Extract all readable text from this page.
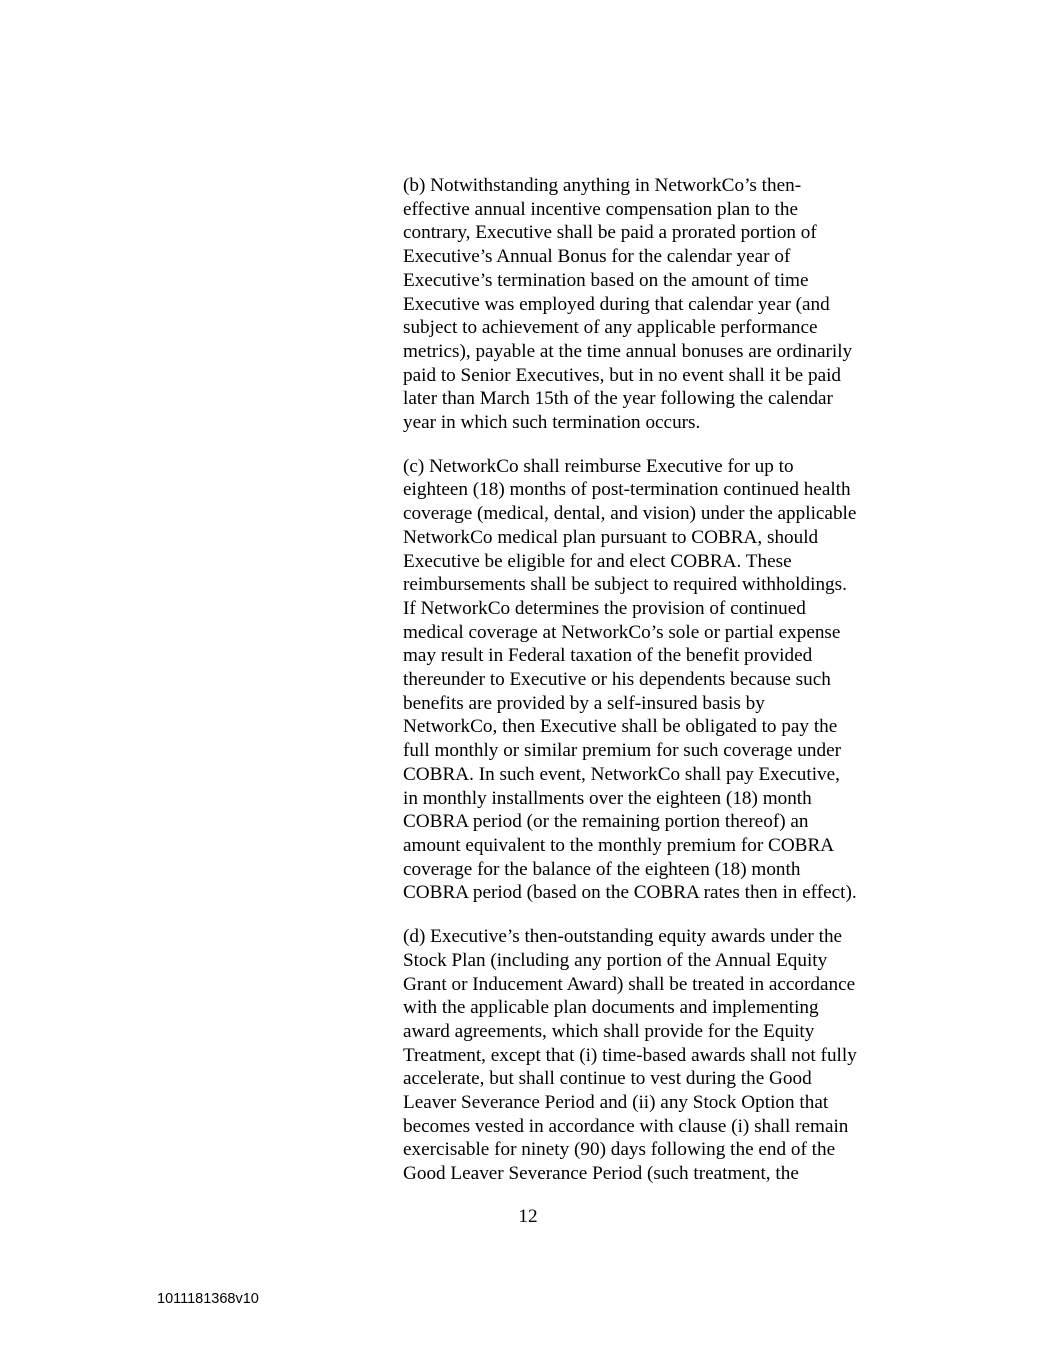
(b) Notwithstanding anything in NetworkCo’s then-
effective annual incentive compensation plan to the
contrary, Executive shall be paid a prorated portion of
Executive’s Annual Bonus for the calendar year of
Executive’s termination based on the amount of time
Executive was employed during that calendar year (and
subject to achievement of any applicable performance
metrics), payable at the time annual bonuses are ordinarily
paid to Senior Executives, but in no event shall it be paid
later than March 15th of the year following the calendar
year in which such termination occurs.

(c) NetworkCo shall reimburse Executive for up to
eighteen (18) months of post-termination continued health
coverage (medical, dental, and vision) under the applicable
NetworkCo medical plan pursuant to COBRA, should
Executive be eligible for and elect COBRA. These
reimbursements shall be subject to required withholdings.
If NetworkCo determines the provision of continued
medical coverage at NetworkCo’s sole or partial expense
may result in Federal taxation of the benefit provided
thereunder to Executive or his dependents because such
benefits are provided by a self-insured basis by
NetworkCo, then Executive shall be obligated to pay the
full monthly or similar premium for such coverage under
COBRA. In such event, NetworkCo shall pay Executive,
in monthly installments over the eighteen (18) month
COBRA period (or the remaining portion thereof) an
amount equivalent to the monthly premium for COBRA
coverage for the balance of the eighteen (18) month
COBRA period (based on the COBRA rates then in effect).

(d) Executive’s then-outstanding equity awards under the
Stock Plan (including any portion of the Annual Equity
Grant or Inducement Award) shall be treated in accordance
with the applicable plan documents and implementing
award agreements, which shall provide for the Equity
Treatment, except that (i) time-based awards shall not fully
accelerate, but shall continue to vest during the Good
Leaver Severance Period and (ii) any Stock Option that
becomes vested in accordance with clause (i) shall remain
exercisable for ninety (90) days following the end of the
Good Leaver Severance Period (such treatment, the

12
1011181368v10
